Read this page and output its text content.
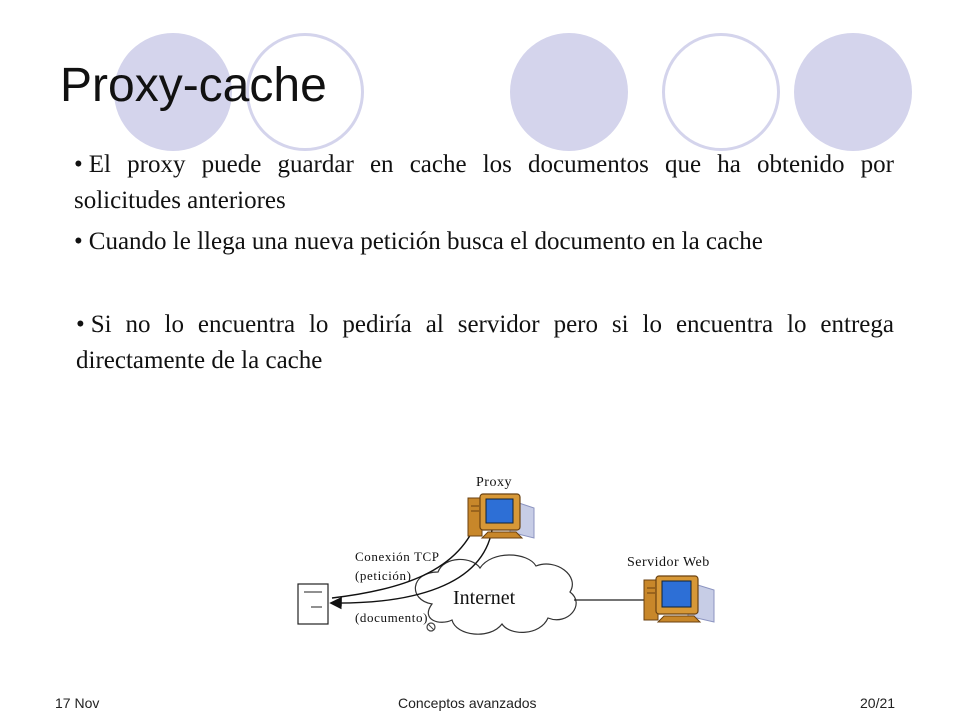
Proxy-cache

• El proxy puede guardar en cache los documentos que ha obtenido por solicitudes anteriores

• Cuando le llega una nueva petición busca el documento en la cache

• Si no lo encuentra lo pediría al servidor pero si lo encuentra lo entrega directamente de la cache

Internet
Conexión TCP
(petición)
(documento)
Proxy
Servidor Web
17 Nov	Conceptos avanzados	20/21
